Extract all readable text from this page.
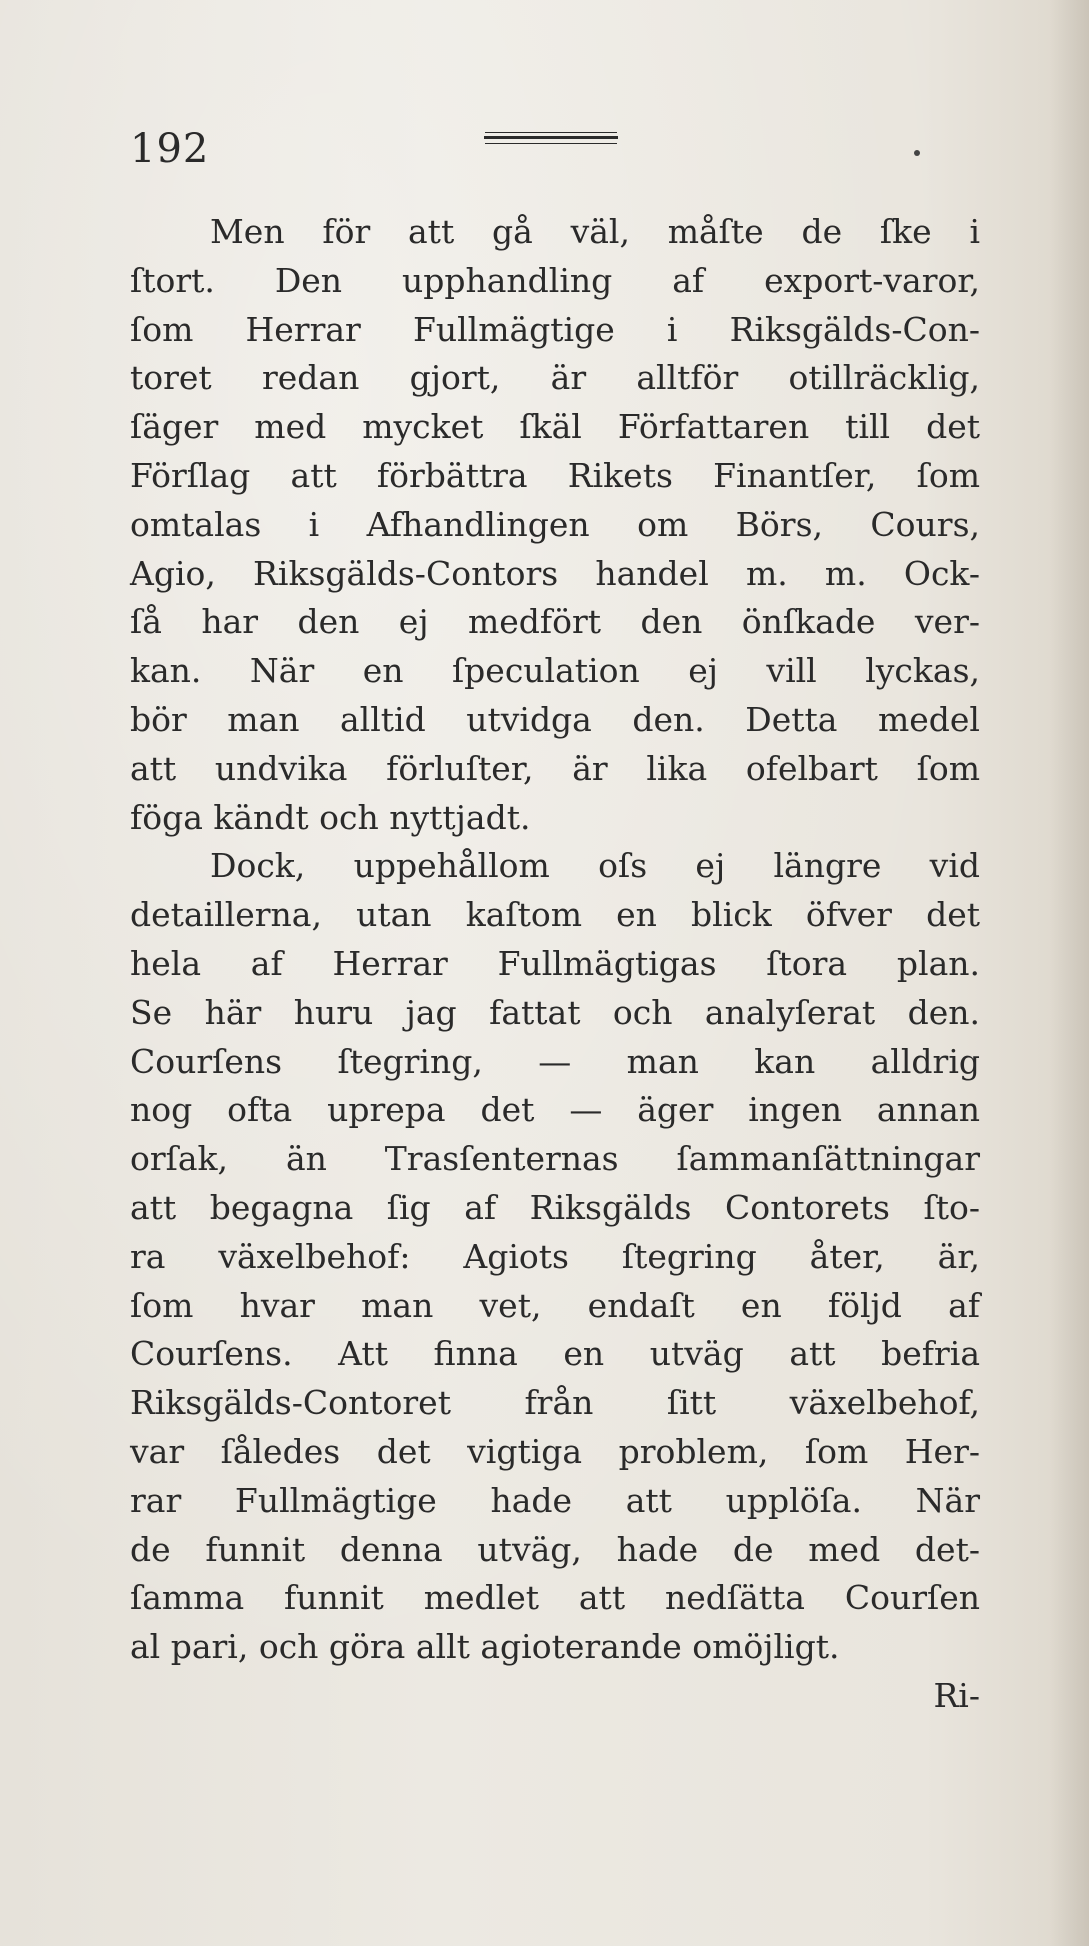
192
Men för att gå väl, måſte de ſke i
ſtort. Den upphandling af export-varor,
ſom Herrar Fullmägtige i Riksgälds-Con-
toret redan gjort, är alltför otillräcklig,
ſäger med mycket ſkäl Författaren till det
Förſlag att förbättra Rikets Finantſer, ſom
omtalas i Afhandlingen om Börs, Cours,
Agio, Riksgälds-Contors handel m. m. Ock-
ſå har den ej medfört den önſkade ver-
kan. När en ſpeculation ej vill lyckas,
bör man alltid utvidga den. Detta medel
att undvika förluſter, är lika ofelbart ſom
föga kändt och nyttjadt.
Dock, uppehållom oſs ej längre vid
detaillerna, utan kaſtom en blick öfver det
hela af Herrar Fullmägtigas ſtora plan.
Se här huru jag fattat och analyſerat den.
Courſens ſtegring, — man kan alldrig
nog ofta uprepa det — äger ingen annan
orſak, än Trasſenternas ſammanſättningar
att begagna ſig af Riksgälds Contorets ſto-
ra växelbehof: Agiots ſtegring åter, är,
ſom hvar man vet, endaſt en följd af
Courſens. Att finna en utväg att befria
Riksgälds-Contoret från ſitt växelbehof,
var ſåledes det vigtiga problem, ſom Her-
rar Fullmägtige hade att upplöſa. När
de funnit denna utväg, hade de med det-
ſamma funnit medlet att nedſätta Courſen
al pari, och göra allt agioterande omöjligt.
Ri-
